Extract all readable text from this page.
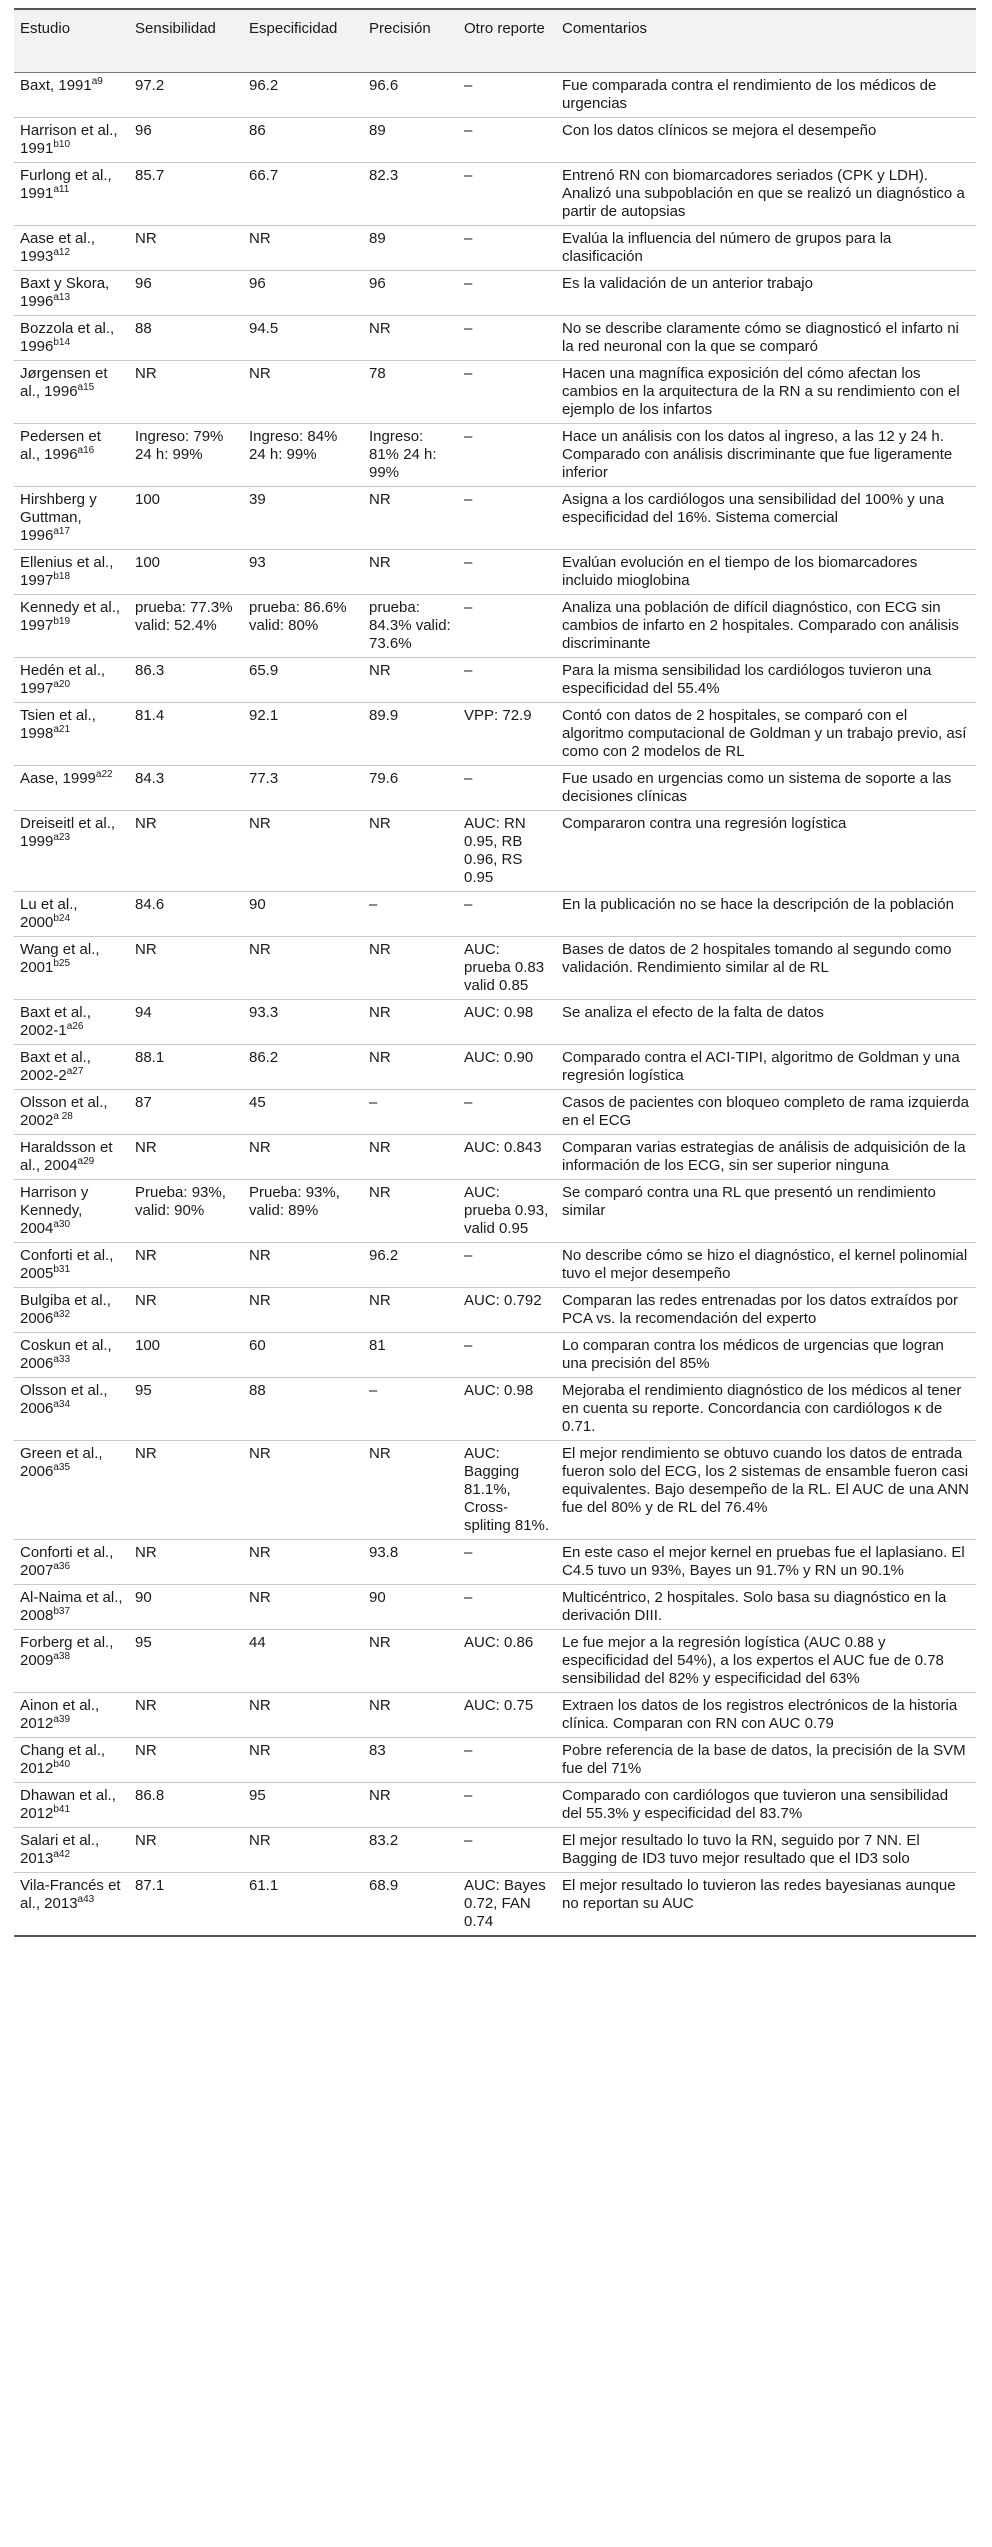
Estudio	Sensibilidad	Especificidad	Precisión	Otro reporte	Comentarios
Baxt, $1991^{a9}$	97.2	96.2	96.6	–	Fue comparada contra el rendimiento de los médicos de urgencias
Harrison et al., $1991^{b10}$	96	86	89	–	Con los datos clínicos se mejora el desempeño
Furlong et al., $1991^{a11}$	85.7	66.7	82.3	–	Entrenó RN con biomarcadores seriados (CPK y LDH). Analizó una subpoblación en que se realizó un diagnóstico a partir de autopsias
Aase et al., $1993^{a12}$	NR	NR	89	–	Evalúa la influencia del número de grupos para la clasificación
Baxt y Skora, $1996^{a13}$	96	96	96	–	Es la validación de un anterior trabajo
Bozzola et al., $1996^{b14}$	88	94.5	NR	–	No se describe claramente cómo se diagnosticó el infarto ni la red neuronal con la que se comparó
Jørgensen et al., $1996^{a15}$	NR	NR	78	–	Hacen una magnífica exposición del cómo afectan los cambios en la arquitectura de la RN a su rendimiento con el ejemplo de los infartos
Pedersen et al., $1996^{a16}$	Ingreso: 79% 24 h: 99%	Ingreso: 84% 24 h: 99%	Ingreso: 81% 24 h: 99%	–	Hace un análisis con los datos al ingreso, a las 12 y 24 h. Comparado con análisis discriminante que fue ligeramente inferior
Hirshberg y Guttman, $1996^{a17}$	100	39	NR	–	Asigna a los cardiólogos una sensibilidad del 100% y una especificidad del 16%. Sistema comercial
Ellenius et al., $1997^{b18}$	100	93	NR	–	Evalúan evolución en el tiempo de los biomarcadores incluido mioglobina
Kennedy et al., $1997^{b19}$	prueba: 77.3% valid: 52.4%	prueba: 86.6% valid: 80%	prueba: 84.3% valid: 73.6%	–	Analiza una población de difícil diagnóstico, con ECG sin cambios de infarto en 2 hospitales. Comparado con análisis discriminante
Hedén et al., $1997^{a20}$	86.3	65.9	NR	–	Para la misma sensibilidad los cardiólogos tuvieron una especificidad del 55.4%
Tsien et al., $1998^{a21}$	81.4	92.1	89.9	VPP: 72.9	Contó con datos de 2 hospitales, se comparó con el algoritmo computacional de Goldman y un trabajo previo, así como con 2 modelos de RL
Aase, $1999^{a22}$	84.3	77.3	79.6	–	Fue usado en urgencias como un sistema de soporte a las decisiones clínicas
Dreiseitl et al., $1999^{a23}$	NR	NR	NR	AUC: RN 0.95, RB 0.96, RS 0.95	Compararon contra una regresión logística
Lu et al., $2000^{b24}$	84.6	90	–	–	En la publicación no se hace la descripción de la población
Wang et al., $2001^{b25}$	NR	NR	NR	AUC: prueba 0.83 valid 0.85	Bases de datos de 2 hospitales tomando al segundo como validación. Rendimiento similar al de RL
Baxt et al., $2002-1^{a26}$	94	93.3	NR	AUC: 0.98	Se analiza el efecto de la falta de datos
Baxt et al., $2002-2^{a27}$	88.1	86.2	NR	AUC: 0.90	Comparado contra el ACI-TIPI, algoritmo de Goldman y una regresión logística
Olsson et al., $2002^{a 28}$	87	45	–	–	Casos de pacientes con bloqueo completo de rama izquierda en el ECG
Haraldsson et al., $2004^{a29}$	NR	NR	NR	AUC: 0.843	Comparan varias estrategias de análisis de adquisición de la información de los ECG, sin ser superior ninguna
Harrison y Kennedy, $2004^{a30}$	Prueba: 93%, valid: 90%	Prueba: 93%, valid: 89%	NR	AUC: prueba 0.93, valid 0.95	Se comparó contra una RL que presentó un rendimiento similar
Conforti et al., $2005^{b31}$	NR	NR	96.2	–	No describe cómo se hizo el diagnóstico, el kernel polinomial tuvo el mejor desempeño
Bulgiba et al., $2006^{a32}$	NR	NR	NR	AUC: 0.792	Comparan las redes entrenadas por los datos extraídos por PCA vs. la recomendación del experto
Coskun et al., $2006^{a33}$	100	60	81	–	Lo comparan contra los médicos de urgencias que logran una precisión del 85%
Olsson et al., $2006^{a34}$	95	88	–	AUC: 0.98	Mejoraba el rendimiento diagnóstico de los médicos al tener en cuenta su reporte. Concordancia con cardiólogos κ de 0.71.
Green et al., $2006^{a35}$	NR	NR	NR	AUC: Bagging 81.1%, Cross-spliting 81%.	El mejor rendimiento se obtuvo cuando los datos de entrada fueron solo del ECG, los 2 sistemas de ensamble fueron casi equivalentes. Bajo desempeño de la RL. El AUC de una ANN fue del 80% y de RL del 76.4%
Conforti et al., $2007^{a36}$	NR	NR	93.8	–	En este caso el mejor kernel en pruebas fue el laplasiano. El C4.5 tuvo un 93%, Bayes un 91.7% y RN un 90.1%
Al-Naima et al., $2008^{b37}$	90	NR	90	–	Multicéntrico, 2 hospitales. Solo basa su diagnóstico en la derivación DIII.
Forberg et al., $2009^{a38}$	95	44	NR	AUC: 0.86	Le fue mejor a la regresión logística (AUC 0.88 y especificidad del 54%), a los expertos el AUC fue de 0.78 sensibilidad del 82% y especificidad del 63%
Ainon et al., $2012^{a39}$	NR	NR	NR	AUC: 0.75	Extraen los datos de los registros electrónicos de la historia clínica. Comparan con RN con AUC 0.79
Chang et al., $2012^{b40}$	NR	NR	83	–	Pobre referencia de la base de datos, la precisión de la SVM fue del 71%
Dhawan et al., $2012^{b41}$	86.8	95	NR	–	Comparado con cardiólogos que tuvieron una sensibilidad del 55.3% y especificidad del 83.7%
Salari et al., $2013^{a42}$	NR	NR	83.2	–	El mejor resultado lo tuvo la RN, seguido por 7 NN. El Bagging de ID3 tuvo mejor resultado que el ID3 solo
Vila-Francés et al., $2013^{a43}$	87.1	61.1	68.9	AUC: Bayes 0.72, FAN 0.74	El mejor resultado lo tuvieron las redes bayesianas aunque no reportan su AUC
